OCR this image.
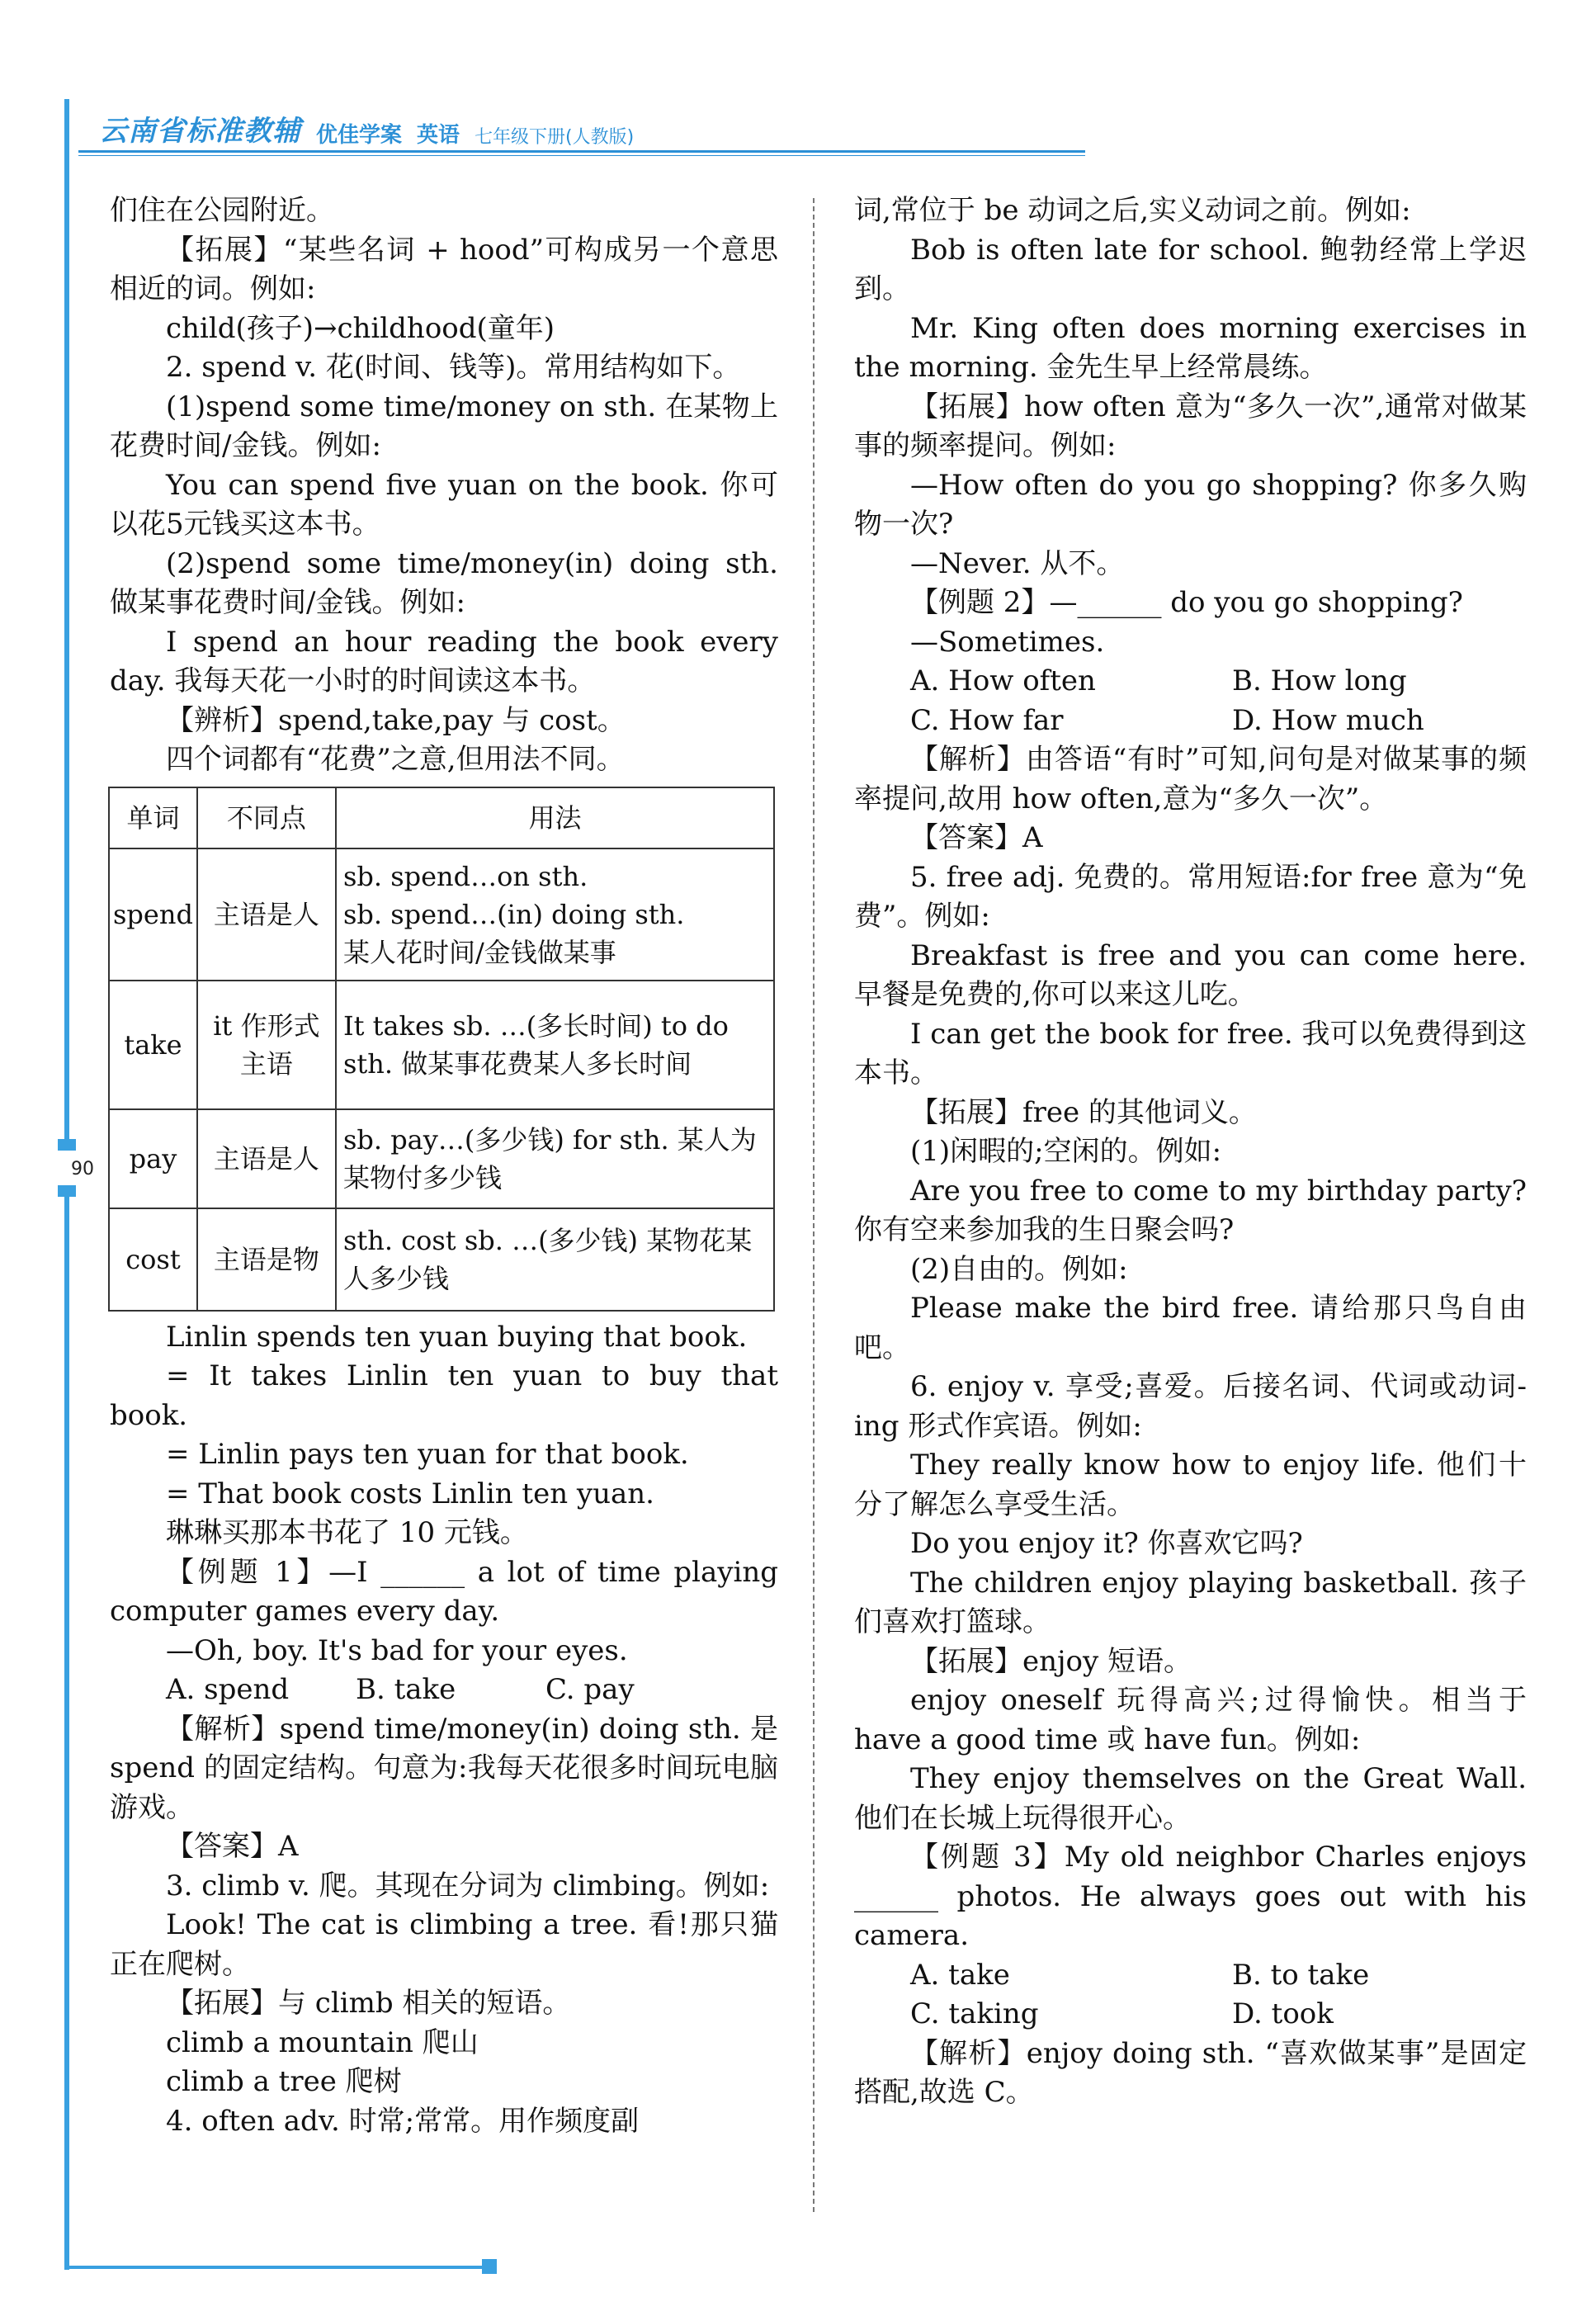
云南省标准教辅 优佳学案 英语 七年级下册(人教版)
90

们住在公园附近。

【拓展】“某些名词 + hood”可构成另一个意思相近的词。例如:

child(孩子)→childhood(童年)

2. spend v. 花(时间、钱等)。常用结构如下。

(1)spend some time/money on sth. 在某物上花费时间/金钱。例如:

You can spend five yuan on the book. 你可以花5元钱买这本书。

(2)spend some time/money(in) doing sth. 做某事花费时间/金钱。例如:

I spend an hour reading the book every day. 我每天花一小时的时间读这本书。

【辨析】spend,take,pay 与 cost。

四个词都有“花费”之意,但用法不同。

单词	不同点	用法
spend	主语是人	sb. spend…on sth.
sb. spend…(in) doing sth.
某人花时间/金钱做某事

take	it 作形式主语	It takes sb. …(多长时间) to do sth. 做某事花费某人多长时间

pay	主语是人	sb. pay…(多少钱) for sth. 某人为某物付多少钱

cost	主语是物	sth. cost sb. …(多少钱) 某物花某人多少钱

Linlin spends ten yuan buying that book.

= It takes Linlin ten yuan to buy that book.

= Linlin pays ten yuan for that book.

= That book costs Linlin ten yuan.

琳琳买那本书花了 10 元钱。

【例题 1】—I ______ a lot of time playing computer games every day.

—Oh, boy. It's bad for your eyes.

A. spend	B. take	C. pay

【解析】spend time/money(in) doing sth. 是 spend 的固定结构。句意为:我每天花很多时间玩电脑游戏。

【答案】A

3. climb v. 爬。其现在分词为 climbing。例如:

Look! The cat is climbing a tree. 看!那只猫正在爬树。

【拓展】与 climb 相关的短语。

climb a mountain 爬山

climb a tree 爬树

4. often adv. 时常;常常。用作频度副

词,常位于 be 动词之后,实义动词之前。例如:

Bob is often late for school. 鲍勃经常上学迟到。

Mr. King often does morning exercises in the morning. 金先生早上经常晨练。

【拓展】how often 意为“多久一次”,通常对做某事的频率提问。例如:

—How often do you go shopping? 你多久购物一次?

—Never. 从不。

【例题 2】—______ do you go shopping?

—Sometimes.

A. How often	B. How long
C. How far	D. How much

【解析】由答语“有时”可知,问句是对做某事的频率提问,故用 how often,意为“多久一次”。

【答案】A

5. free adj. 免费的。常用短语:for free 意为“免费”。例如:

Breakfast is free and you can come here. 早餐是免费的,你可以来这儿吃。

I can get the book for free. 我可以免费得到这本书。

【拓展】free 的其他词义。

(1)闲暇的;空闲的。例如:

Are you free to come to my birthday party? 你有空来参加我的生日聚会吗?

(2)自由的。例如:

Please make the bird free. 请给那只鸟自由吧。

6. enjoy v. 享受;喜爱。后接名词、代词或动词-ing 形式作宾语。例如:

They really know how to enjoy life. 他们十分了解怎么享受生活。

Do you enjoy it? 你喜欢它吗?

The children enjoy playing basketball. 孩子们喜欢打篮球。

【拓展】enjoy 短语。

enjoy oneself 玩得高兴;过得愉快。相当于 have a good time 或 have fun。例如:

They enjoy themselves on the Great Wall. 他们在长城上玩得很开心。

【例题 3】My old neighbor Charles enjoys ______ photos. He always goes out with his camera.

A. take	B. to take
C. taking	D. took

【解析】enjoy doing sth. “喜欢做某事”是固定搭配,故选 C。
